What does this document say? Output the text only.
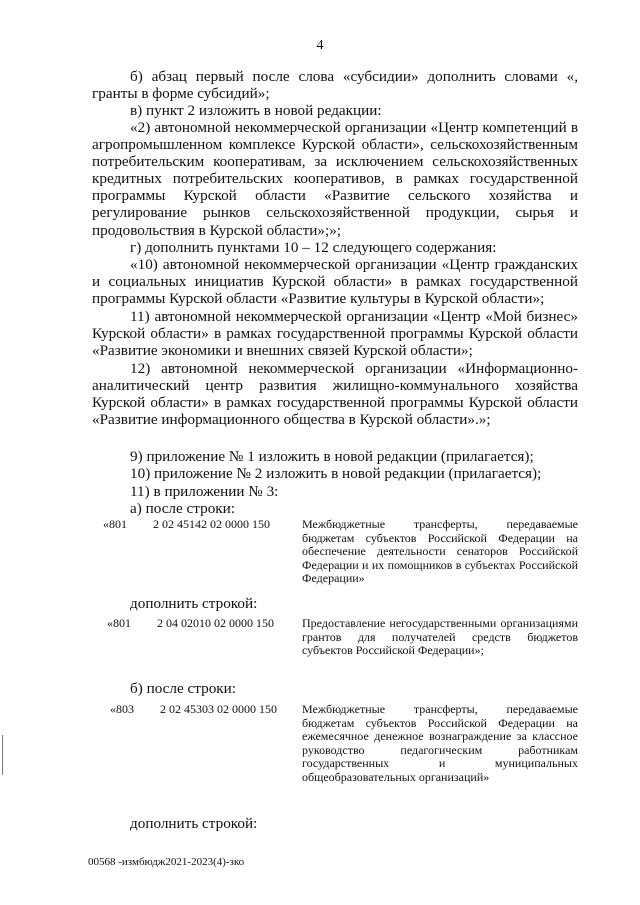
4
б) абзац первый после слова «субсидии» дополнить словами «, гранты в форме субсидий»;
в) пункт 2 изложить в новой редакции:
«2) автономной некоммерческой организации «Центр компетенций в агропромышленном комплексе Курской области», сельскохозяйственным потребительским кооперативам, за исключением сельскохозяйственных кредитных потребительских кооперативов, в рамках государственной программы Курской области «Развитие сельского хозяйства и регулирование рынков сельскохозяйственной продукции, сырья и продовольствия в Курской области»;»;
г) дополнить пунктами 10 – 12 следующего содержания:
«10) автономной некоммерческой организации «Центр гражданских и социальных инициатив Курской области» в рамках государственной программы Курской области «Развитие культуры в Курской области»;
11) автономной некоммерческой организации «Центр «Мой бизнес» Курской области» в рамках государственной программы Курской области «Развитие экономики и внешних связей Курской области»;
12) автономной некоммерческой организации «Информационно-аналитический центр развития жилищно-коммунального хозяйства Курской области» в рамках государственной программы Курской области «Развитие информационного общества в Курской области».»;
9) приложение № 1 изложить в новой редакции (прилагается);
10) приложение № 2 изложить в новой редакции (прилагается);
11) в приложении № 3:
а) после строки:
«801 2 02 45142 02 0000 150	Межбюджетные трансферты, передаваемые бюджетам субъектов Российской Федерации на обеспечение деятельности сенаторов Российской Федерации и их помощников в субъектах Российской Федерации»
дополнить строкой:
«801 2 04 02010 02 0000 150 Предоставление негосударственными организациями грантов для получателей средств бюджетов субъектов Российской Федерации»;
б) после строки:
«803 2 02 45303 02 0000 150 Межбюджетные трансферты, передаваемые бюджетам субъектов Российской Федерации на ежемесячное денежное вознаграждение за классное руководство педагогическим работникам государственных и муниципальных общеобразовательных организаций»
дополнить строкой:
00568 -измбюдж2021-2023(4)-зко
